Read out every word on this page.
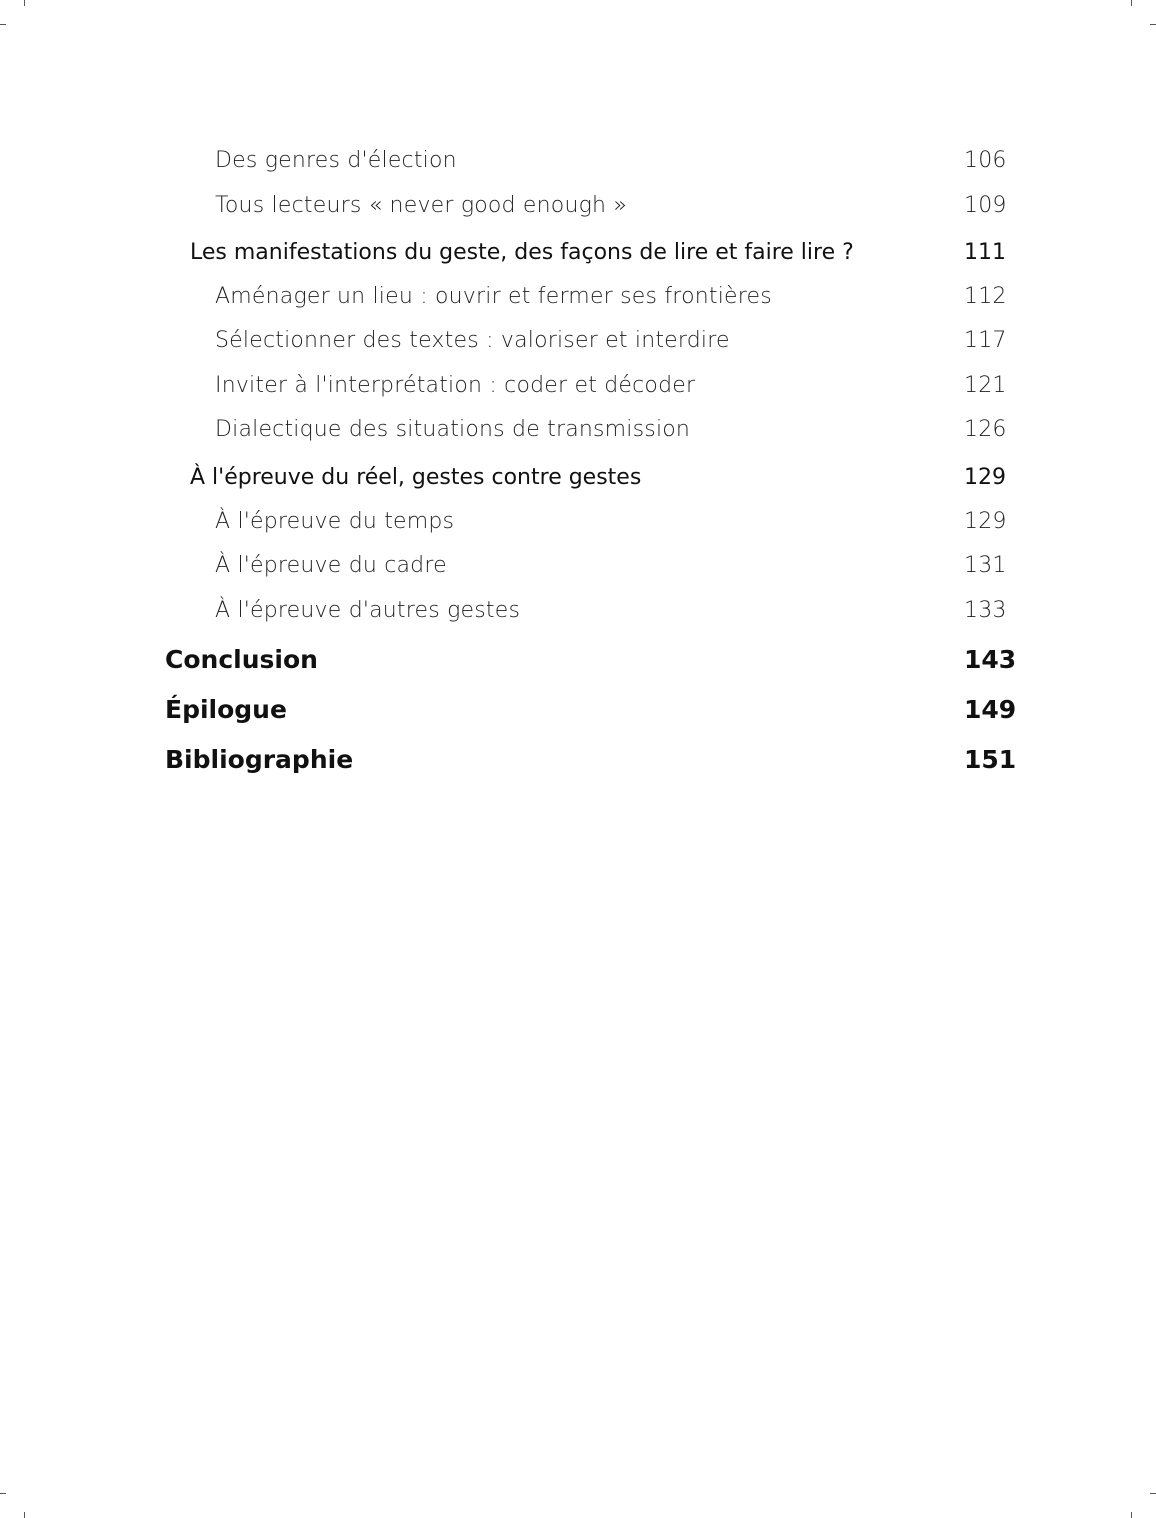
Des genres d'élection	106
Tous lecteurs « never good enough »	109
Les manifestations du geste, des façons de lire et faire lire ?	111
Aménager un lieu : ouvrir et fermer ses frontières	112
Sélectionner des textes : valoriser et interdire	117
Inviter à l'interprétation : coder et décoder	121
Dialectique des situations de transmission	126
À l'épreuve du réel, gestes contre gestes	129
À l'épreuve du temps	129
À l'épreuve du cadre	131
À l'épreuve d'autres gestes	133
Conclusion	143
Épilogue	149
Bibliographie	151
